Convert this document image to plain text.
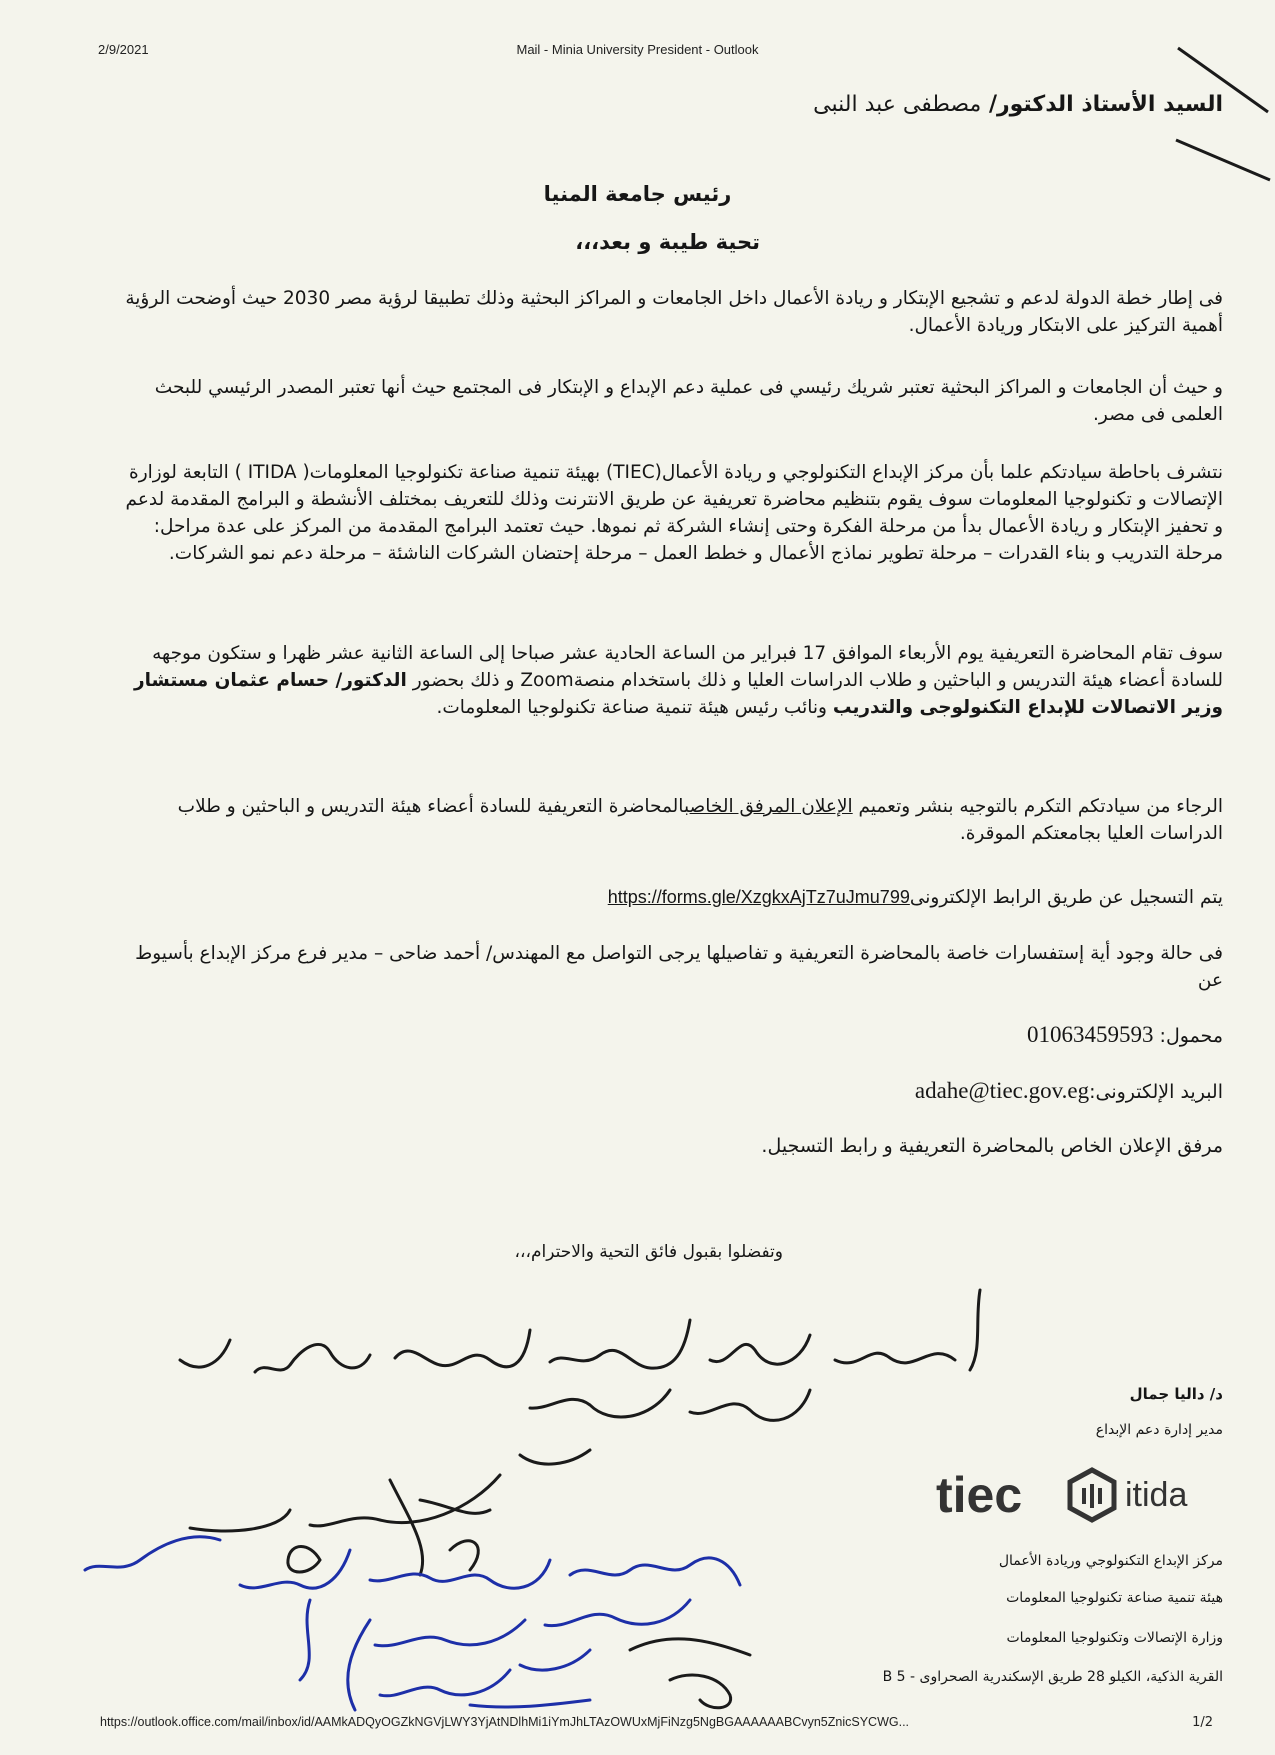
2/9/2021	Mail - Minia University President - Outlook
السيد الأستاذ الدكتور/ مصطفى عبد النبى
رئيس جامعة المنيا
تحية طيبة و بعد،،،
فى إطار خطة الدولة لدعم و تشجيع الإبتكار و ريادة الأعمال داخل الجامعات و المراكز البحثية وذلك تطبيقا لرؤية مصر 2030 حيث أوضحت الرؤية أهمية التركيز على الابتكار وريادة الأعمال.
و حيث أن الجامعات و المراكز البحثية تعتبر شريك رئيسي فى عملية دعم الإبداع و الإبتكار فى المجتمع حيث أنها تعتبر المصدر الرئيسي للبحث العلمى فى مصر.
نتشرف باحاطة سيادتكم علما بأن مركز الإبداع التكنولوجي و ريادة الأعمال(TIEC) بهيئة تنمية صناعة تكنولوجيا المعلومات( ITIDA ) التابعة لوزارة الإتصالات و تكنولوجيا المعلومات سوف يقوم بتنظيم محاضرة تعريفية عن طريق الانترنت وذلك للتعريف بمختلف الأنشطة و البرامج المقدمة لدعم و تحفيز الإبتكار و ريادة الأعمال بدأ من مرحلة الفكرة وحتى إنشاء الشركة ثم نموها. حيث تعتمد البرامج المقدمة من المركز على عدة مراحل: مرحلة التدريب و بناء القدرات – مرحلة تطوير نماذج الأعمال و خطط العمل – مرحلة إحتضان الشركات الناشئة – مرحلة دعم نمو الشركات.
سوف تقام المحاضرة التعريفية يوم الأربعاء الموافق 17 فبراير من الساعة الحادية عشر صباحا إلى الساعة الثانية عشر ظهرا و ستكون موجهه للسادة أعضاء هيئة التدريس و الباحثين و طلاب الدراسات العليا و ذلك باستخدام منصةZoom و ذلك بحضور الدكتور/ حسام عثمان مستشار وزير الاتصالات للإبداع التكنولوجى والتدريب ونائب رئيس هيئة تنمية صناعة تكنولوجيا المعلومات.
الرجاء من سيادتكم التكرم بالتوجيه بنشر وتعميم الإعلان المرفق الخاصبالمحاضرة التعريفية للسادة أعضاء هيئة التدريس و الباحثين و طلاب الدراسات العليا بجامعتكم الموقرة.
يتم التسجيل عن طريق الرابط الإلكترونىhttps://forms.gle/XzgkxAjTz7uJmu799
فى حالة وجود أية إستفسارات خاصة بالمحاضرة التعريفية و تفاصيلها يرجى التواصل مع المهندس/ أحمد ضاحى – مدير فرع مركز الإبداع بأسيوط عن
محمول: 01063459593
البريد الإلكترونى:adahe@tiec.gov.eg
مرفق الإعلان الخاص بالمحاضرة التعريفية و رابط التسجيل.
وتفضلوا بقبول فائق التحية والاحترام،،،
د/ داليا جمال
مدير إدارة دعم الإبداع
tiec	itida
مركز الإبداع التكنولوجي وريادة الأعمال
هيئة تنمية صناعة تكنولوجيا المعلومات
وزارة الإتصالات وتكنولوجيا المعلومات
القرية الذكية، الكيلو 28 طريق الإسكندرية الصحراوى - B 5
https://outlook.office.com/mail/inbox/id/AAMkADQyOGZkNGVjLWY3YjAtNDlhMi1iYmJhLTAzOWUxMjFiNzg5NgBGAAAAAABCvyn5ZnicSYCWG...	1/2
